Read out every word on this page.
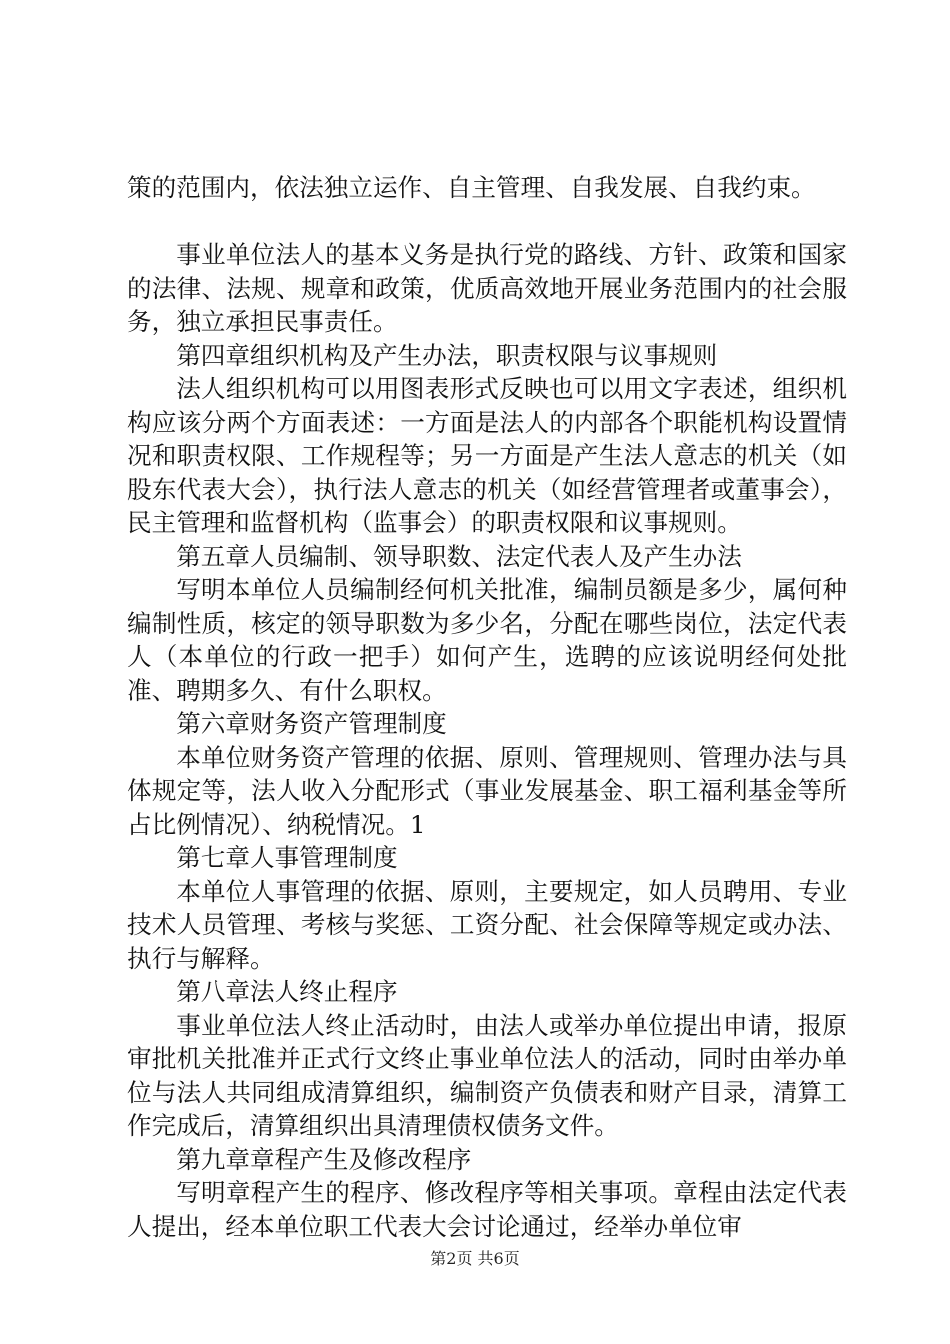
策的范围内，依法独立运作、自主管理、自我发展、自我约束。

事业单位法人的基本义务是执行党的路线、方针、政策和国家的法律、法规、规章和政策，优质高效地开展业务范围内的社会服务，独立承担民事责任。

第四章组织机构及产生办法，职责权限与议事规则

法人组织机构可以用图表形式反映也可以用文字表述，组织机构应该分两个方面表述：一方面是法人的内部各个职能机构设置情况和职责权限、工作规程等；另一方面是产生法人意志的机关（如股东代表大会），执行法人意志的机关（如经营管理者或董事会），民主管理和监督机构（监事会）的职责权限和议事规则。

第五章人员编制、领导职数、法定代表人及产生办法

写明本单位人员编制经何机关批准，编制员额是多少，属何种编制性质，核定的领导职数为多少名，分配在哪些岗位，法定代表人（本单位的行政一把手）如何产生，选聘的应该说明经何处批准、聘期多久、有什么职权。

第六章财务资产管理制度

本单位财务资产管理的依据、原则、管理规则、管理办法与具体规定等，法人收入分配形式（事业发展基金、职工福利基金等所占比例情况）、纳税情况。1

第七章人事管理制度

本单位人事管理的依据、原则，主要规定，如人员聘用、专业技术人员管理、考核与奖惩、工资分配、社会保障等规定或办法、执行与解释。

第八章法人终止程序

事业单位法人终止活动时，由法人或举办单位提出申请，报原审批机关批准并正式行文终止事业单位法人的活动，同时由举办单位与法人共同组成清算组织，编制资产负债表和财产目录，清算工作完成后，清算组织出具清理债权债务文件。

第九章章程产生及修改程序

写明章程产生的程序、修改程序等相关事项。章程由法定代表人提出，经本单位职工代表大会讨论通过，经举办单位审

第2页 共6页
